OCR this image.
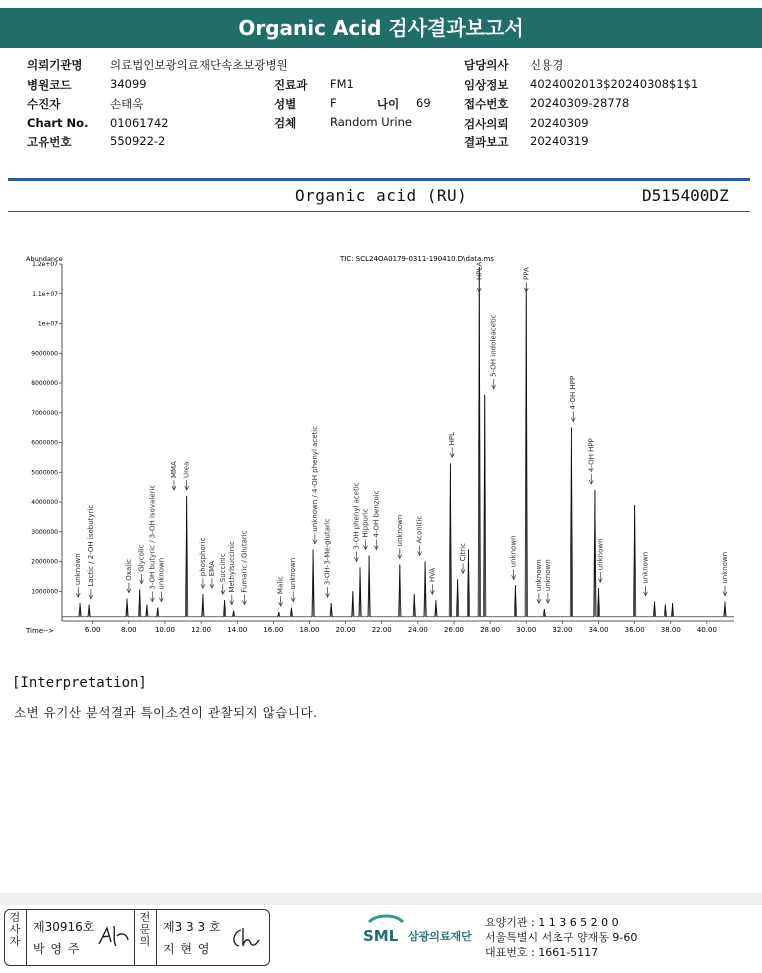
Organic Acid 검사결과보고서
의뢰기관명 의료법인보광의료재단속초보광병원
병원코드	34099
수진자	손태욱
Chart No. 01061742
고유번호	550922-2
진료과 FM1
성별	F	나이 69
검체	Random Urine
담당의사 신용경
임상정보 4024002013$20240308$1$1
접수번호 20240309-28778
검사의뢰 20240309
결과보고 20240319
Organic acid (RU)	D515400DZ
TIC: SCL24OA0179-0311-190410.D\data.ms
Abundance
Time-->
1000000
2000000
3000000
4000000
5000000
6000000
7000000
8000000
9000000
1e+07
1.1e+07
1.2e+07
6.00	8.00	10.00 12.00 14.00 16.00 18.00 20.00 22.00 24.00 26.00 28.00 30.00 32.00 34.00 36.00 38.00 40.00
unknown Lactic / 2-OH isobutyric	Oxalic Glycolic 3-OH butyric / 3-OH isovaleric unknown
MMA Urea
phosphoric EMA Succinic Methylsuccinic Fumaric / Glutaric	Malic unknown
unknown / 4-OH phenyl acetic
3-OH-3-Me-glutaric
3-OH phenyl acetic Hippuric 4-OH benzoic unknown Aconitic
HVA
HPL
Citric
HPLA
5-OH indoleacetic
unknown
PPA
unknown unknown
4-OH HPP
4-OH HPP
unknown	unknown	unknown
[Interpretation]
소변 유기산 분석결과 특이소견이 관찰되지 않습니다.
검사자
제30916호
박 영 주
전문의
제3 3 3 호
지 현 영
SML 삼광의료재단
요양기관 : 1 1 3 6 5 2 0 0
서울특별시 서초구 양재동 9-60
대표번호 : 1661-5117
